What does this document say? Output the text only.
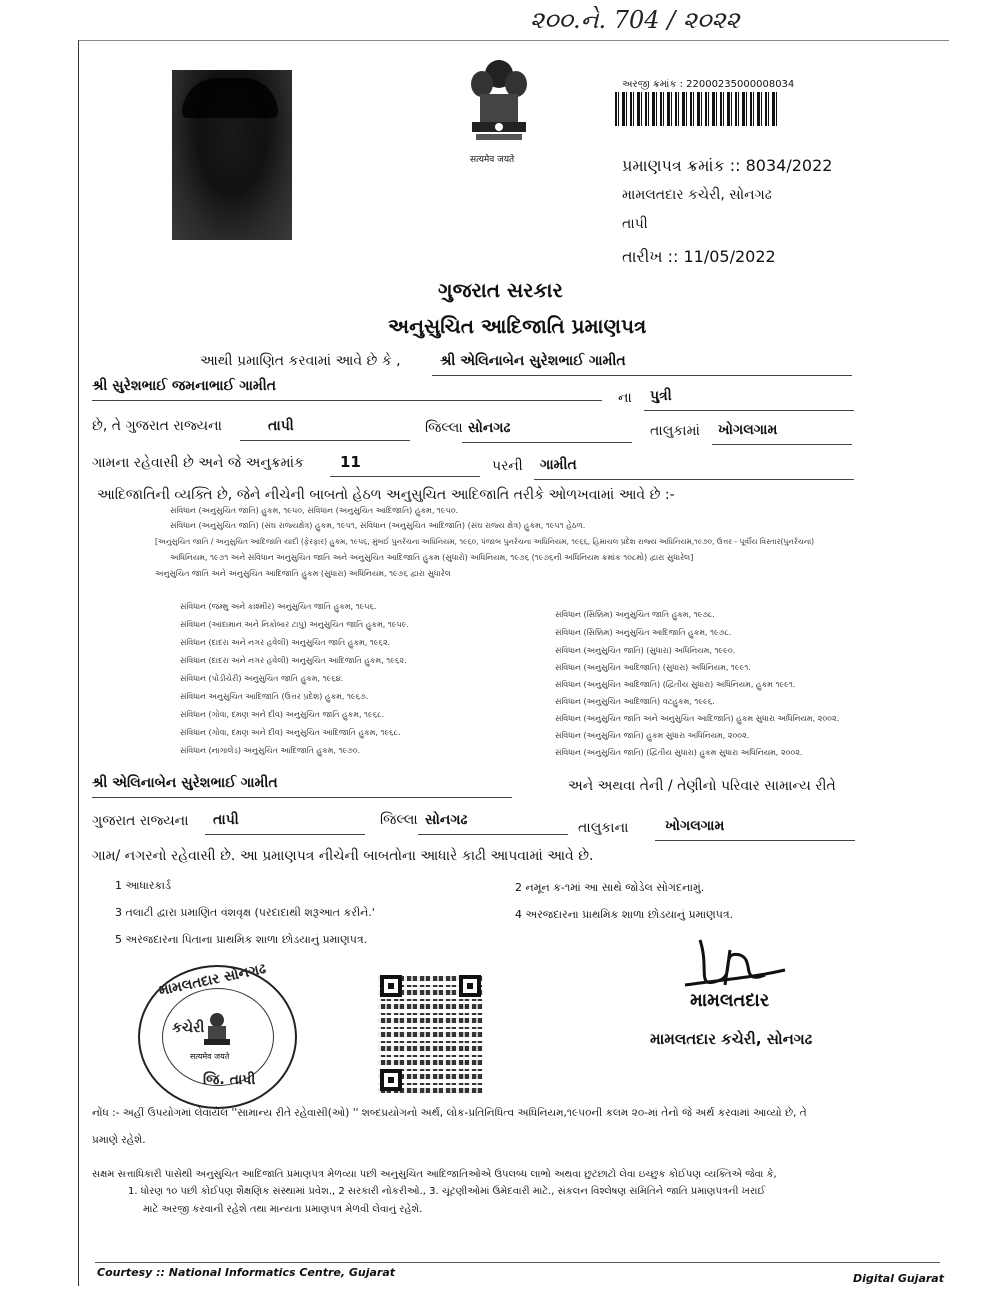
૨૦૦.ને. 704 / ૨૦૨૨
सत्यमेव जयते
અરજી ક્રમાંક : 22000235000008034
પ્રમાણપત્ર ક્રમાંક :: 8034/2022
મામલતદાર કચેરી, સોનગઢ
તાપી
તારીખ :: 11/05/2022
ગુજરાત સરકાર
અનુસુચિત આદિજાતિ પ્રમાણપત્ર
આથી પ્રમાણિત કરવામાં આવે છે કે ,	શ્રી એલિનાબેન સુરેશભાઈ ગામીત
શ્રી સુરેશભાઈ જમનાભાઈ ગામીત
ના પુત્રી
છે, તે ગુજરાત રાજ્યના	તાપી	જિલ્લા સોનગઢ	તાલુકામાં ખોગલગામ
ગામના રહેવાસી છે અને જે અનુક્રમાંક 11	પરની ગામીત
આદિજાતિની વ્યક્તિ છે, જેને નીચેની બાબતો હેઠળ અનુસુચિત આદિજાતિ તરીકે ઓળખવામાં આવે છે :-
સંવિધાન (અનુસુચિત જાતિ) હુકમ, ૧૯૫૦, સંવિધાન (અનુસુચિત આદિજાતિ) હુકમ, ૧૯૫૦.
સંવિધાન (અનુસુચિત જાતિ) (સંઘ રાજ્યક્ષેત્ર) હુકમ, ૧૯૫૧, સંવિધાન (અનુસુચિત આદિજાતિ) (સંઘ રાજ્ય ક્ષેત્ર) હુકમ, ૧૯૫૧ હેઠળ.
[અનુસુચિત જાતિ / અનુસુચિત આદિજાતિ યાદી (ફેરફાર) હુકમ, ૧૯૫૬, મુંબઈ પુનર્રચના અધિનિયમ, ૧૯૬૦, પંજાબ પુનર્રચના અધિનિયમ, ૧૯૬૬, હિમાચલ પ્રદેશ રાજ્ય અધિનિયમ,૧૯૭૦, ઉત્તર - પૂર્વીય વિસ્તાર(પુનર્રચના)
અધિનિયમ, ૧૯૭૧ અને સંવિધાન અનુસુચિત જાતિ અને અનુસુચિત આદિજાતિ હુકમ (સુધારો) અધિનિયમ, ૧૯૭૬ (૧૯૭૬ની અધિનિયમ ક્રમાંક ૧૦૮મો) દ્વારા સુધારેલ]
અનુસુચિત જાતિ અને અનુસુચિત આદિજાતિ હુકમ (સુધારા) અધિનિયમ, ૧૯૭૬ દ્વારા સુધારેલ
સંવિધાન (જમ્મુ અને કાશ્મીર) અનુસુચિત જાતિ હુકમ, ૧૯૫૬.
સંવિધાન (આંદામાન અને નિકોબાર ટાપુ) અનુસુચિત જાતિ હુકમ, ૧૯૫૯.
સંવિધાન (દાદરા અને નગર હવેલી) અનુસુચિત જાતિ હુકમ, ૧૯૬૨.
સંવિધાન (દાદરા અને નગર હવેલી) અનુસુચિત આદિજાતિ હુકમ, ૧૯૬૨.
સંવિધાન (પોંડીચેરી) અનુસુચિત જાતિ હુકમ, ૧૯૬૪.
સંવિધાન અનુસુચિત આદિજાતિ (ઉત્તર પ્રદેશ) હુકમ, ૧૯૬૭.
સંવિધાન (ગોવા, દમણ અને દીવ) અનુસુચિત જાતિ હુકમ, ૧૯૬૮.
સંવિધાન (ગોવા, દમણ અને દીવ) અનુસુચિત આદિજાતિ હુકમ, ૧૯૬૮.
સંવિધાન (નાગાલેંડ) અનુસુચિત આદિજાતિ હુકમ, ૧૯૭૦.
સંવિધાન (સિક્કિમ) અનુસુચિત જાતિ હુકમ, ૧૯૭૮.
સંવિધાન (સિક્કિમ) અનુસુચિત આદિજાતિ હુકમ, ૧૯૭૮.
સંવિધાન (અનુસુચિત જાતિ) (સુધારા) અધિનિયમ, ૧૯૯૦.
સંવિધાન (અનુસુચિત આદિજાતિ) (સુધારા) અધિનિયમ, ૧૯૯૧.
સંવિધાન (અનુસુચિત આદિજાતિ) (દ્વિતીય સુધારા) અધિનિયમ, હુકમ ૧૯૯૧.
સંવિધાન (અનુસુચિત આદિજાતિ) વટહુકમ, ૧૯૯૬.
સંવિધાન (અનુસુચિત જાતિ અને અનુસુચિત આદિજાતિ) હુકમ સુધારા અધિનિયમ, ૨૦૦૨.
સંવિધાન (અનુસુચિત જાતિ) હુકમ સુધારા અધિનિયમ, ૨૦૦૨.
સંવિધાન (અનુસુચિત જાતિ) (દ્વિતીય સુધારા) હુકમ સુધારા અધિનિયમ, ૨૦૦૨.
શ્રી એલિનાબેન સુરેશભાઈ ગામીત	અને અથવા તેની / તેણીનો પરિવાર સામાન્ય રીતે
ગુજરાત રાજ્યના તાપી	જિલ્લા સોનગઢ	તાલુકાના	ખોગલગામ
ગામ/ નગરનો રહેવાસી છે. આ પ્રમાણપત્ર નીચેની બાબતોના આધારે કાઢી આપવામાં આવે છે.
1 આધારકાર્ડ	2 નમૂન ક-૧માં આ સાથે જોડેલ સોગંદનામું.
3 તલાટી દ્વારા પ્રમાણિત વંશવૃક્ષ (પરદાદાથી શરૂઆત કરીને.'	4 અરજદારના પ્રાથમિક શાળા છોડયાનું પ્રમાણપત્ર.
5 અરજદારના પિતાના પ્રાથમિક શાળા છોડયાનું પ્રમાણપત્ર.
મામલતદાર સોનગઢ
કચેરી
सत्यमेव जयते
જિ. તાપી
મામલતદાર
મામલતદાર કચેરી, સોનગઢ
નોંધ :- અહીં ઉપયોગમાં લેવાયેલ ''સામાન્ય રીતે રહેવાસી(ઓ) '' શબ્દપ્રયોગનો અર્થ, લોક-પ્રતિનિધિત્વ અધિનિયમ,૧૯૫૦ની કલમ ૨૦-માં તેનો જે અર્થ કરવામાં આવ્યો છે, તે
પ્રમાણે રહેશે.
સક્ષમ સત્તાધિકારી પાસેથી અનુસુચિત આદિજાતિ પ્રમાણપત્ર મેળવ્યા પછી અનુસુચિત આદિજાતિઓએ ઉપલબ્ધ લાભો અથવા છુટછાટો લેવા ઇચ્છુક કોઈપણ વ્યક્તિએ જેવા કે,
1. ધોરણ ૧૦ પછી કોઈપણ શૈક્ષણિક સંસ્થામાં પ્રવેશ., 2 સરકારી નોકરીઓ., 3. ચૂંટણીઓમાં ઉમેદવારી માટે., સંકલન વિશ્લેષણ સમિતિને જાતિ પ્રમાણપત્રની ખરાઈ
માટે અરજી કરવાની રહેશે તથા માન્યતા પ્રમાણપત્ર મેળવી લેવાનું રહેશે.
Courtesy :: National Informatics Centre, Gujarat	Digital Gujarat
